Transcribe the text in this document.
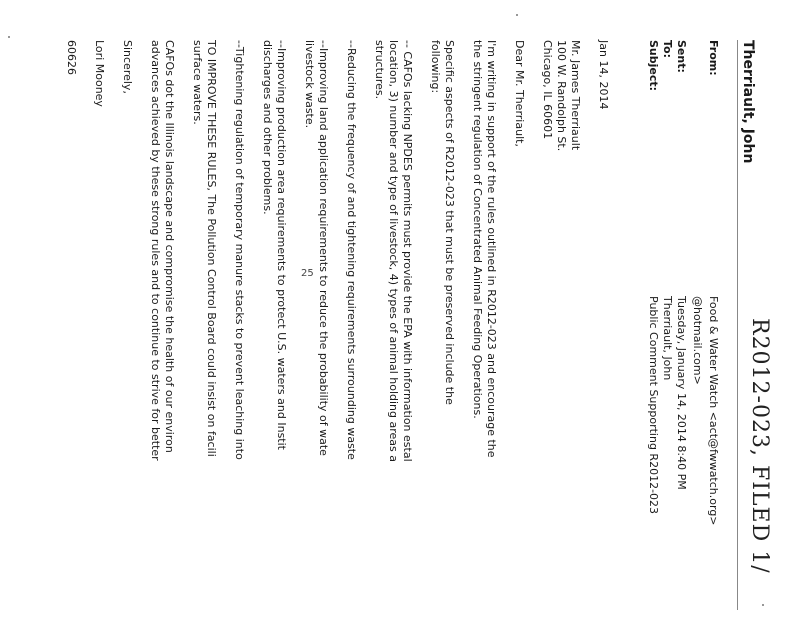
R2012-023, FILED 1/
Therriault, John
From:
Sent:
To:
Subject:
Food & Water Watch <act@fwwatch.org>
@hotmail.com>
Tuesday, January 14, 2014 8:40 PM
Therriault, John
Public Comment Supporting R2012-023
Jan 14, 2014
Mr. James Therriault
100 W. Randolph St.
Chicago, IL 60601
Dear Mr. Therriault,
I'm writing in support of the rules outlined in R2012-023 and encourage the
the stringent regulation of Concentrated Animal Feeding Operations.
Specific aspects of R2012-023 that must be preserved include the
following:
-- CAFOs lacking NPDES permits must provide the EPA with information estal
location, 3) number and type of livestock, 4) types of animal holding areas a
structures.
--Reducing the frequency of and tightening requirements surrounding waste
--Improving land application requirements to reduce the probability of wate
livestock waste.
--Improving production area requirements to protect U.S. waters and Instit
discharges and other problems.
--Tightening regulation of temporary manure stacks to prevent leaching into
TO IMPROVE THESE RULES, The Pollution Control Board could insist on facili
surface waters.
CAFOs dot the Illinois landscape and compromise the health of our environ
advances achieved by these strong rules and to continue to strive for better
Sincerely,
Lori Mooney
60626
25
